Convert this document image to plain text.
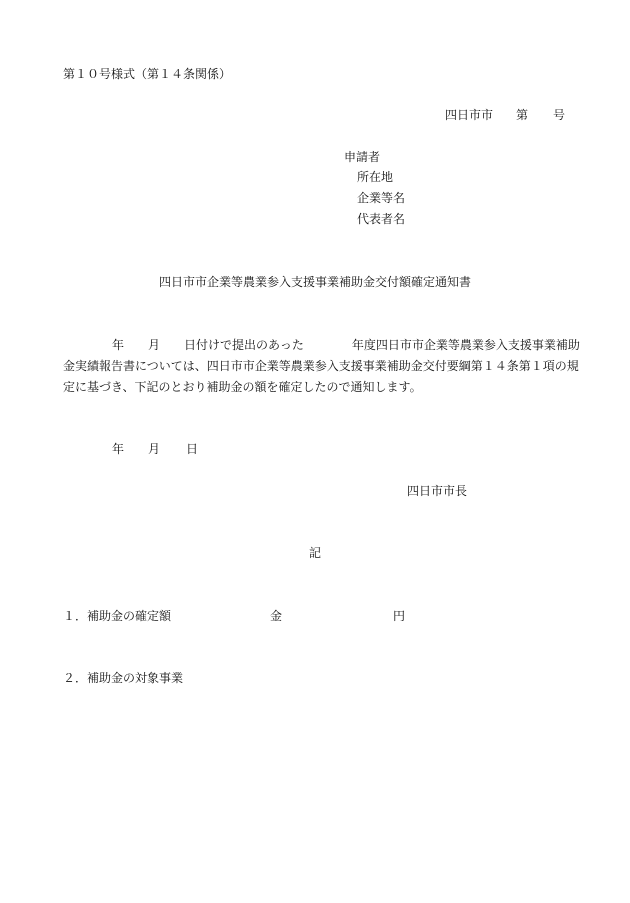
第１０号様式（第１４条関係）
四日市市 第 号
申請者
所在地
企業等名
代表者名
四日市市企業等農業参入支援事業補助金交付額確定通知書
年 月 日付けで提出のあった	年度四日市市企業等農業参入支援事業補助
金実績報告書については、四日市市企業等農業参入支援事業補助金交付要綱第１４条第１項の規
定に基づき、下記のとおり補助金の額を確定したので通知します。
年 月 日
四日市市長
記
１．補助金の確定額	金	円
２．補助金の対象事業
